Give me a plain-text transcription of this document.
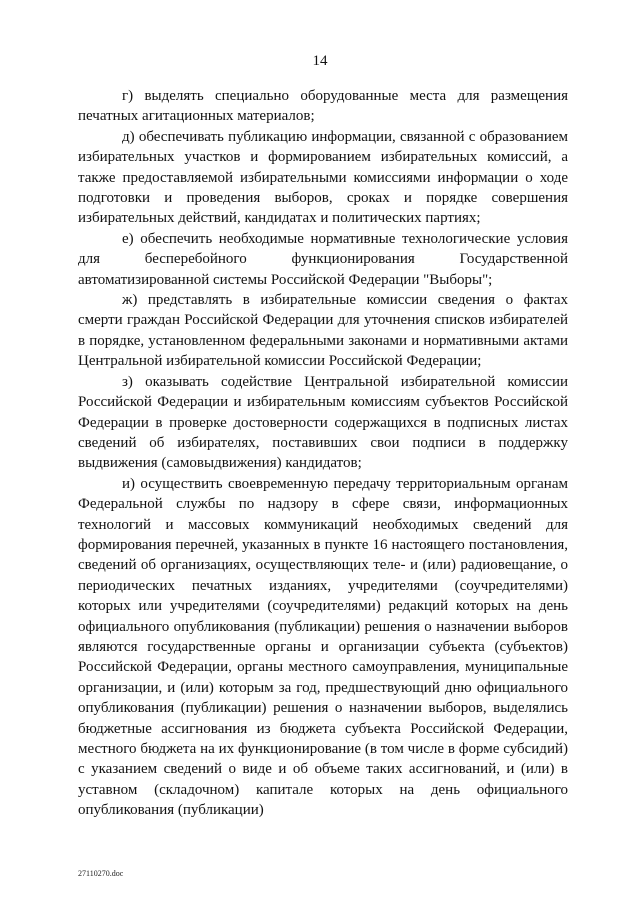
14

г) выделять специально оборудованные места для размещения печатных агитационных материалов;

д) обеспечивать публикацию информации, связанной с образованием избирательных участков и формированием избирательных комиссий, а также предоставляемой избирательными комиссиями информации о ходе подготовки и проведения выборов, сроках и порядке совершения избирательных действий, кандидатах и политических партиях;

е) обеспечить необходимые нормативные технологические условия для бесперебойного функционирования Государственной автоматизированной системы Российской Федерации "Выборы";

ж) представлять в избирательные комиссии сведения о фактах смерти граждан Российской Федерации для уточнения списков избирателей в порядке, установленном федеральными законами и нормативными актами Центральной избирательной комиссии Российской Федерации;

з) оказывать содействие Центральной избирательной комиссии Российской Федерации и избирательным комиссиям субъектов Российской Федерации в проверке достоверности содержащихся в подписных листах сведений об избирателях, поставивших свои подписи в поддержку выдвижения (самовыдвижения) кандидатов;

и) осуществить своевременную передачу территориальным органам Федеральной службы по надзору в сфере связи, информационных технологий и массовых коммуникаций необходимых сведений для формирования перечней, указанных в пункте 16 настоящего постановления, сведений об организациях, осуществляющих теле- и (или) радиовещание, о периодических печатных изданиях, учредителями (соучредителями) которых или учредителями (соучредителями) редакций которых на день официального опубликования (публикации) решения о назначении выборов являются государственные органы и организации субъекта (субъектов) Российской Федерации, органы местного самоуправления, муниципальные организации, и (или) которым за год, предшествующий дню официального опубликования (публикации) решения о назначении выборов, выделялись бюджетные ассигнования из бюджета субъекта Российской Федерации, местного бюджета на их функционирование (в том числе в форме субсидий) с указанием сведений о виде и об объеме таких ассигнований, и (или) в уставном (складочном) капитале которых на день официального опубликования (публикации)

27110270.doc
